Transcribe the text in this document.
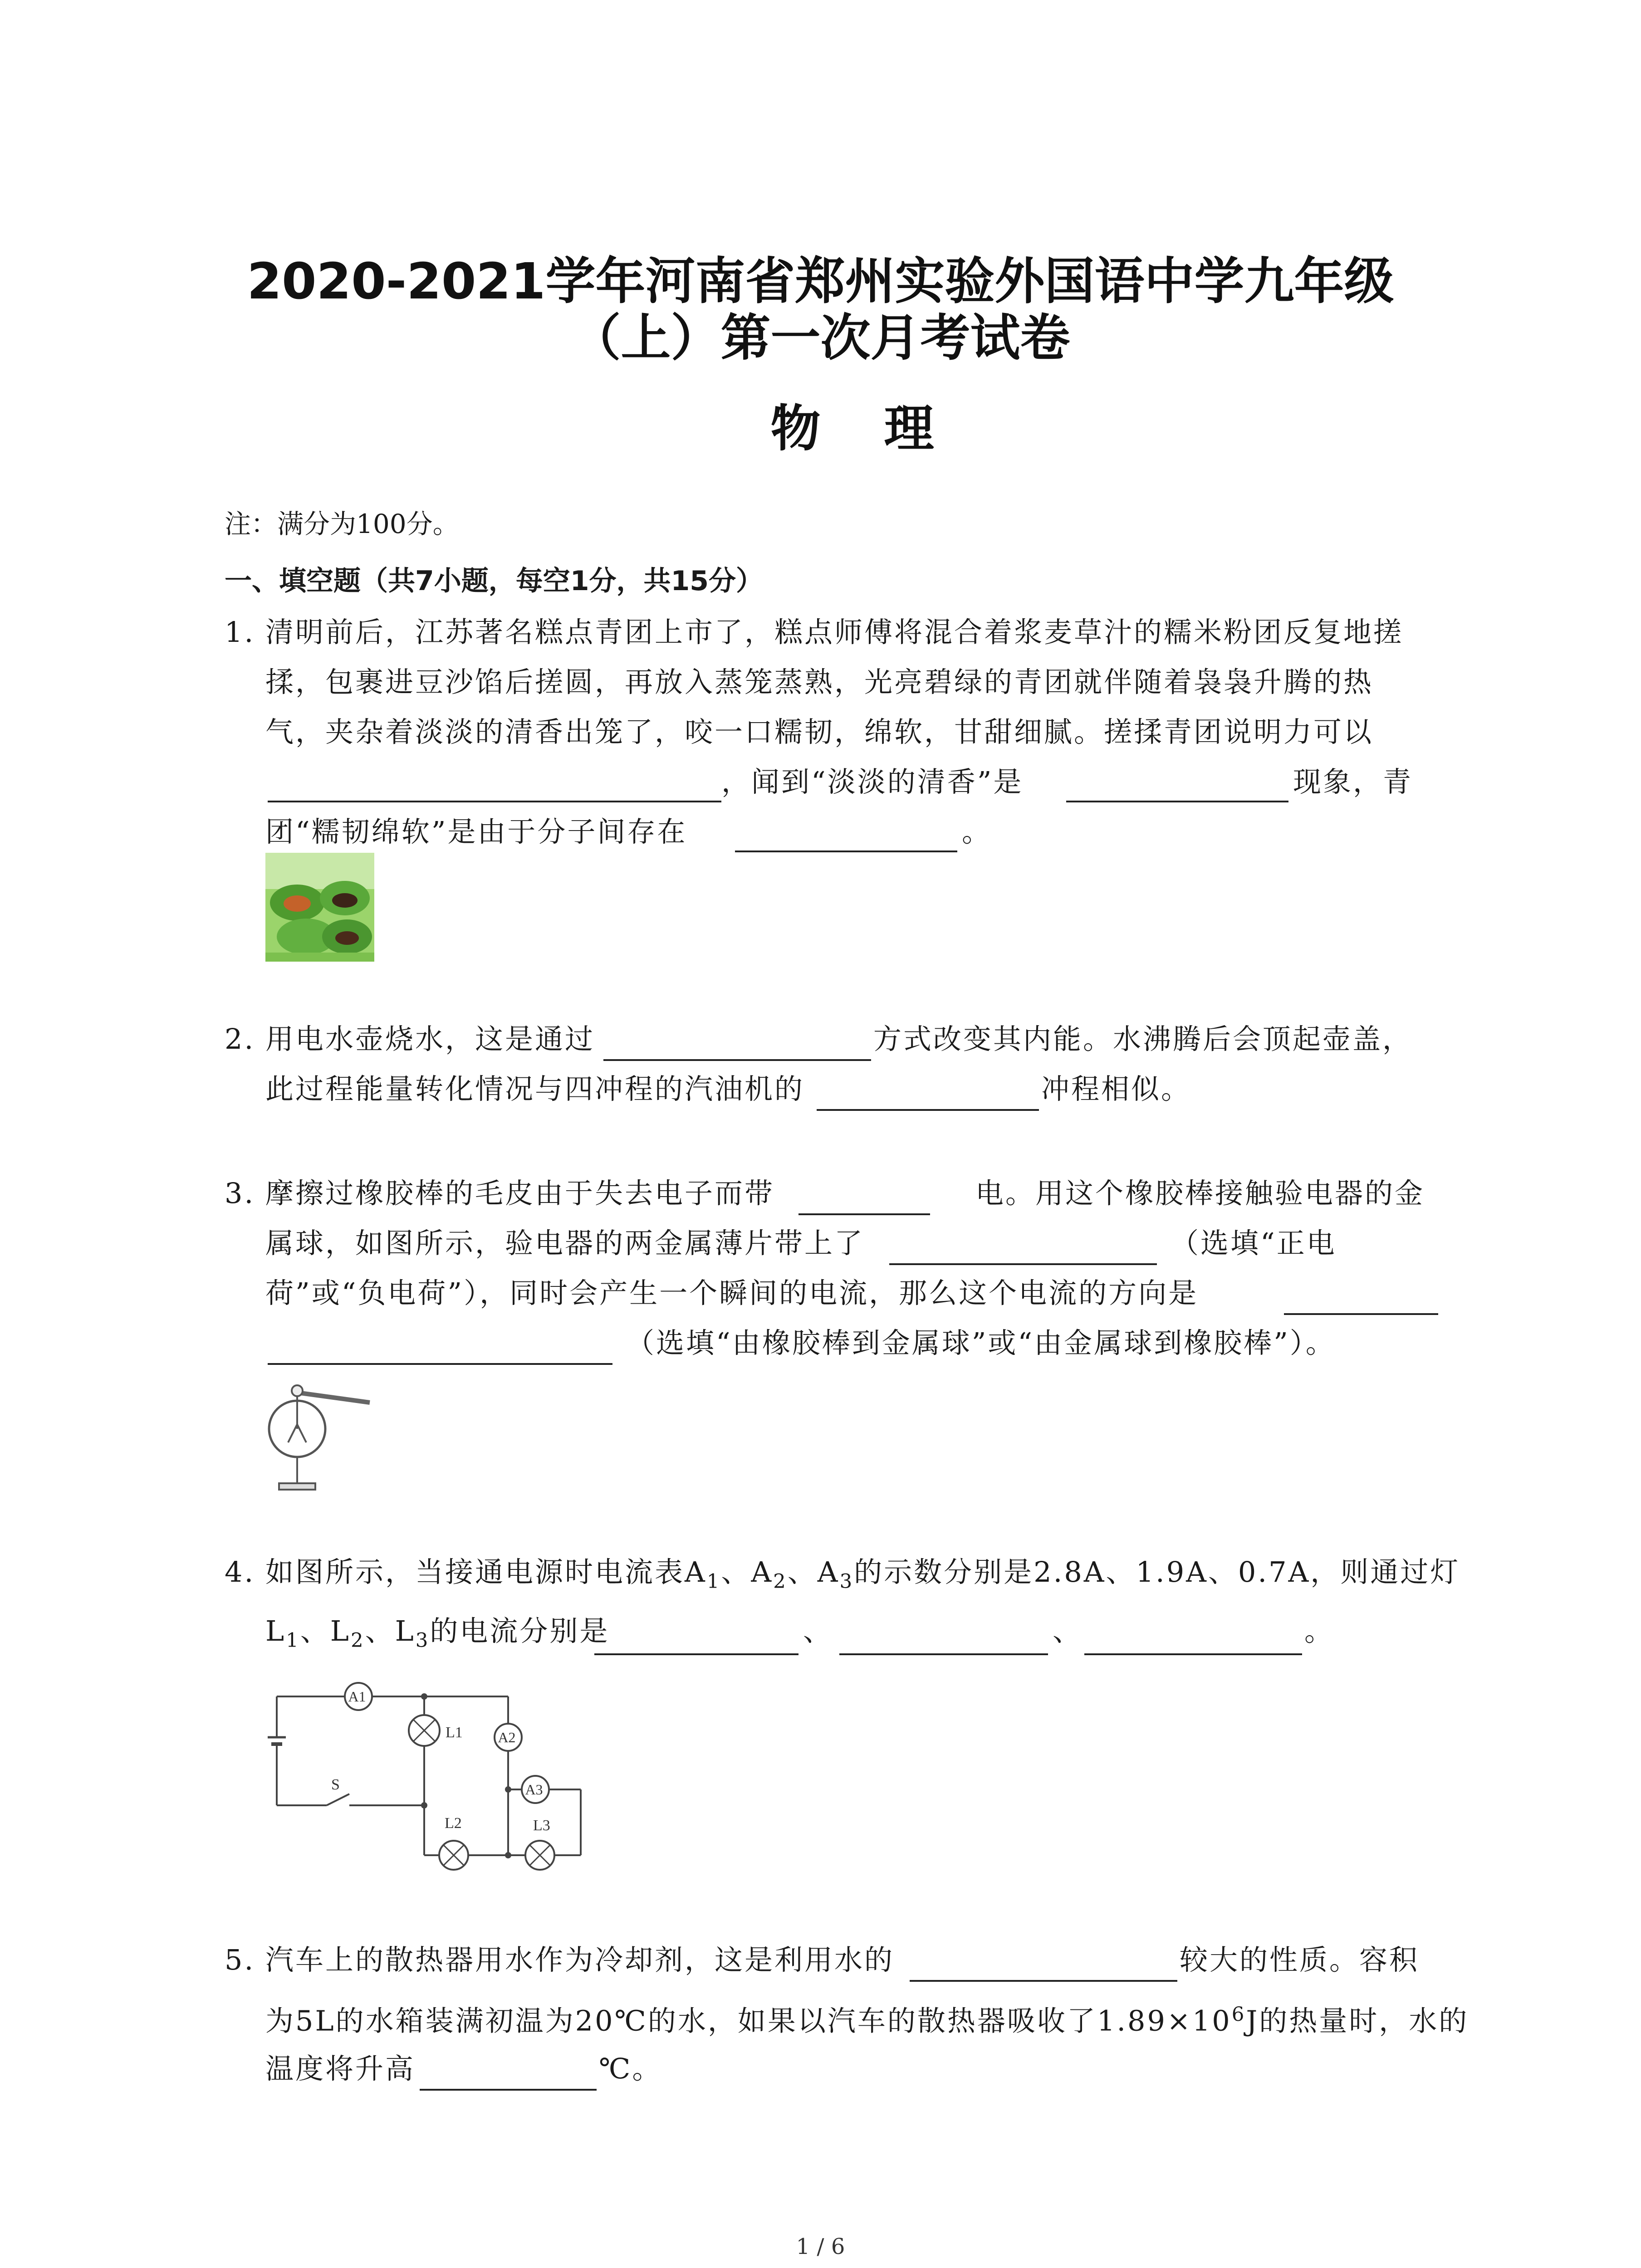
2020-2021学年河南省郑州实验外国语中学九年级
（上）第一次月考试卷
物理
注：满分为100分。
一、填空题（共7小题，每空1分，共15分）
1. 清明前后，江苏著名糕点青团上市了，糕点师傅将混合着浆麦草汁的糯米粉团反复地搓
揉，包裹进豆沙馅后搓圆，再放入蒸笼蒸熟，光亮碧绿的青团就伴随着袅袅升腾的热
气，夹杂着淡淡的清香出笼了，咬一口糯韧，绵软，甘甜细腻。搓揉青团说明力可以
，闻到“淡淡的清香”是	现象，青
团“糯韧绵软”是由于分子间存在	。
2. 用电水壶烧水，这是通过	方式改变其内能。水沸腾后会顶起壶盖，
此过程能量转化情况与四冲程的汽油机的	冲程相似。
3. 摩擦过橡胶棒的毛皮由于失去电子而带	电。用这个橡胶棒接触验电器的金
属球，如图所示，验电器的两金属薄片带上了	（选填“正电
荷”或“负电荷”），同时会产生一个瞬间的电流，那么这个电流的方向是
（选填“由橡胶棒到金属球”或“由金属球到橡胶棒”）。
4. 如图所示，当接通电源时电流表$A_1$、$A_2$、$A_3$的示数分别是2.8A、1.9A、0.7A，则通过灯
$L_1$、$L_2$、$L_3$的电流分别是	、	、	。
A1
A2
A3
L1
L2	L3
S
5. 汽车上的散热器用水作为冷却剂，这是利用水的	较大的性质。容积
为5L的水箱装满初温为20℃的水，如果以汽车的散热器吸收了$1.89\times 10^6J$的热量时，水的
温度将升高	℃。
1 / 6
